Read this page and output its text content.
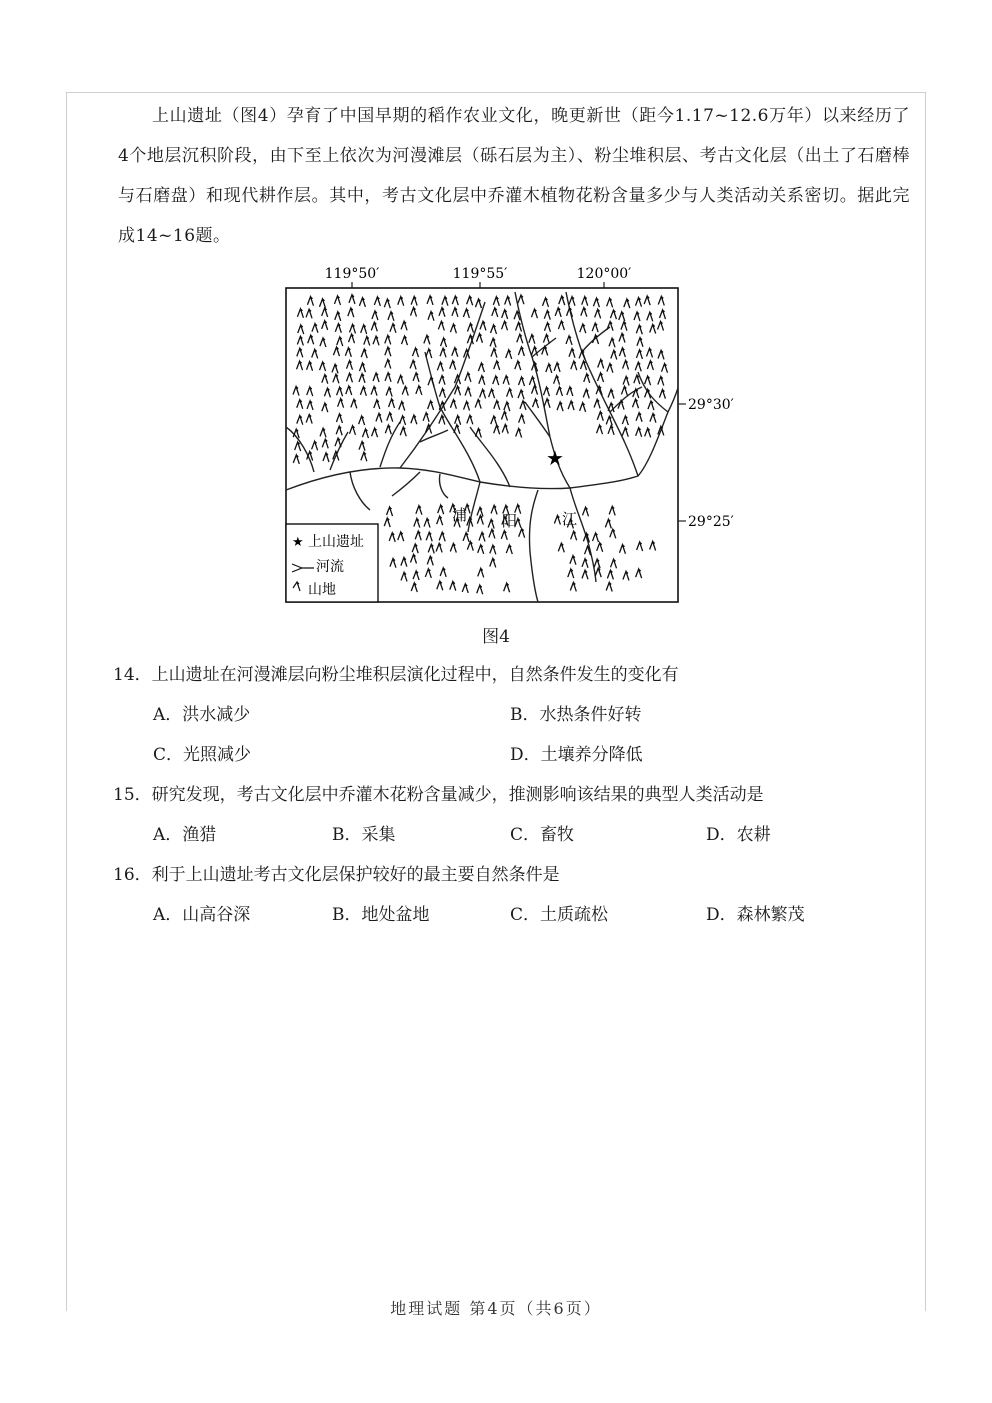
上山遗址（图4）孕育了中国早期的稻作农业文化，晚更新世（距今1.17~12.6万年）以来经历了4个地层沉积阶段，由下至上依次为河漫滩层（砾石层为主）、粉尘堆积层、考古文化层（出土了石磨棒与石磨盘）和现代耕作层。其中，考古文化层中乔灌木植物花粉含量多少与人类活动关系密切。据此完成14~16题。

119°50′	119°55′	120°00′
29°30′
29°25′
浦 阳	江
★
★ 上山遗址
河流
山地
图4
14．上山遗址在河漫滩层向粉尘堆积层演化过程中，自然条件发生的变化有
A．洪水减少	B．水热条件好转
C．光照减少	D．土壤养分降低
15．研究发现，考古文化层中乔灌木花粉含量减少，推测影响该结果的典型人类活动是
A．渔猎	B．采集	C．畜牧	D．农耕
16．利于上山遗址考古文化层保护较好的最主要自然条件是
A．山高谷深	B．地处盆地	C．土质疏松	D．森林繁茂
地理试题 第4页（共6页）
